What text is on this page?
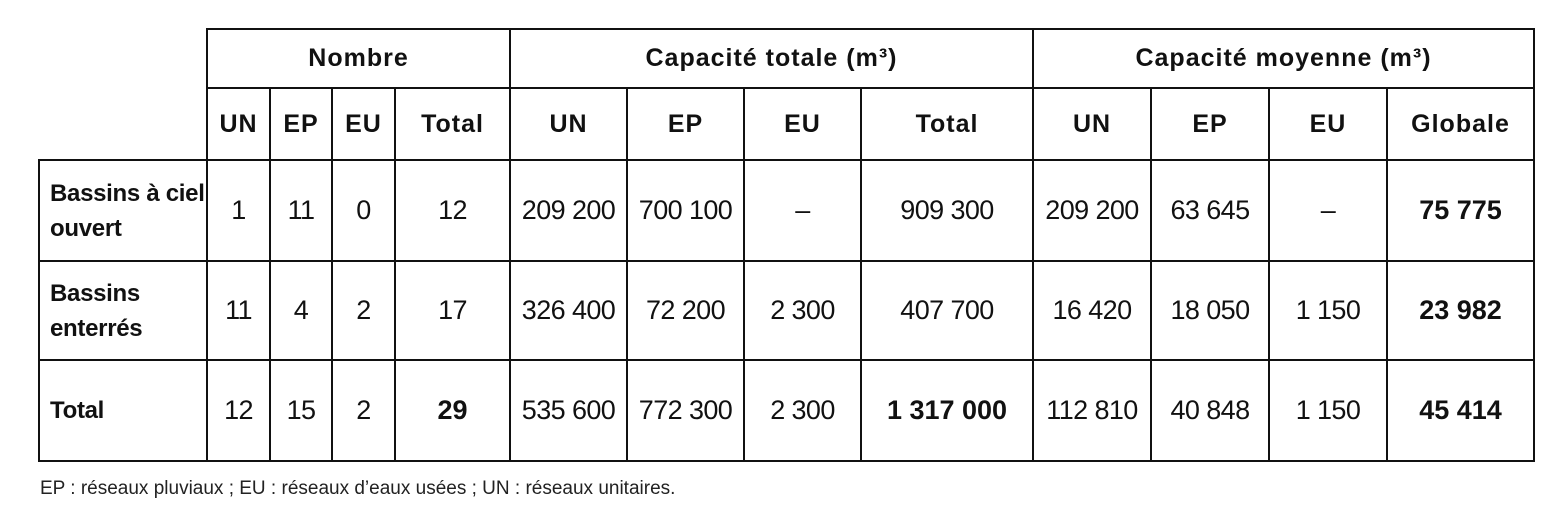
	Nombre				Capacité totale (m³)				Capacité moyenne (m³)			
	UN	EP	EU	Total	UN	EP	EU	Total	UN	EP	EU	Globale
Bassins à ciel ouvert	1	11	0	12	209 200	700 100	–	909 300	209 200	63 645	–	75 775
Bassins enterrés	11	4	2	17	326 400	72 200	2 300	407 700	16 420	18 050	1 150	23 982
Total	12	15	2	29	535 600	772 300	2 300	1 317 000	112 810	40 848	1 150	45 414
EP : réseaux pluviaux ; EU : réseaux d’eaux usées ; UN : réseaux unitaires.
